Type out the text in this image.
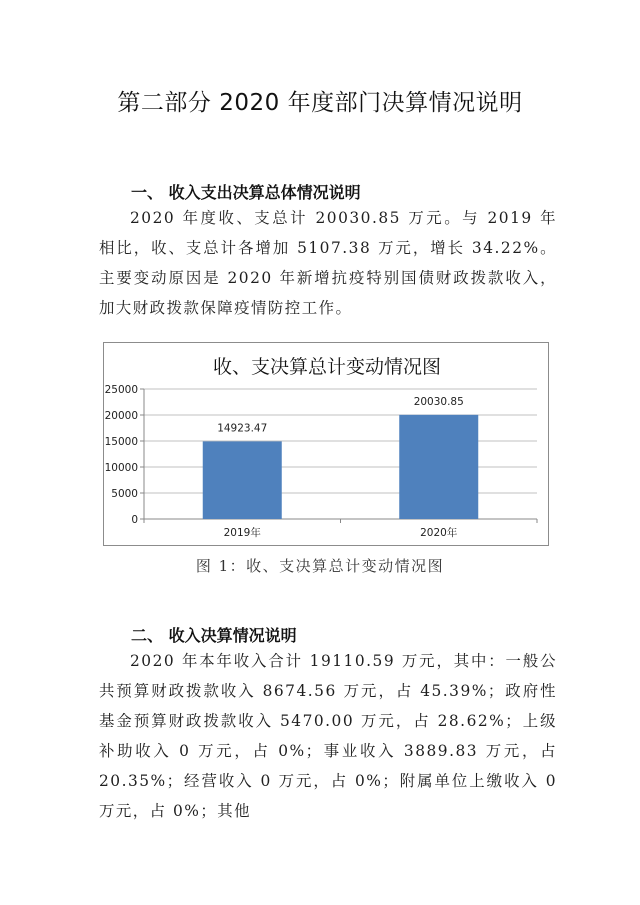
第二部分 2020 年度部门决算情况说明
一、 收入支出决算总体情况说明
2020 年度收、支总计 20030.85 万元。与 2019 年相比，收、支总计各增加 5107.38 万元，增长 34.22%。主要变动原因是 2020 年新增抗疫特别国债财政拨款收入，加大财政拨款保障疫情防控工作。
收、支决算总计变动情况图
0
5000
10000
15000
20000
25000
14923.47
20030.85
2019年	2020年
图 1：收、支决算总计变动情况图
二、 收入决算情况说明
2020 年本年收入合计 19110.59 万元，其中：一般公共预算财政拨款收入 8674.56 万元，占 45.39%；政府性基金预算财政拨款收入 5470.00 万元，占 28.62%；上级补助收入 0 万元，占 0%；事业收入 3889.83 万元，占 20.35%；经营收入 0 万元，占 0%；附属单位上缴收入 0 万元，占 0%；其他
